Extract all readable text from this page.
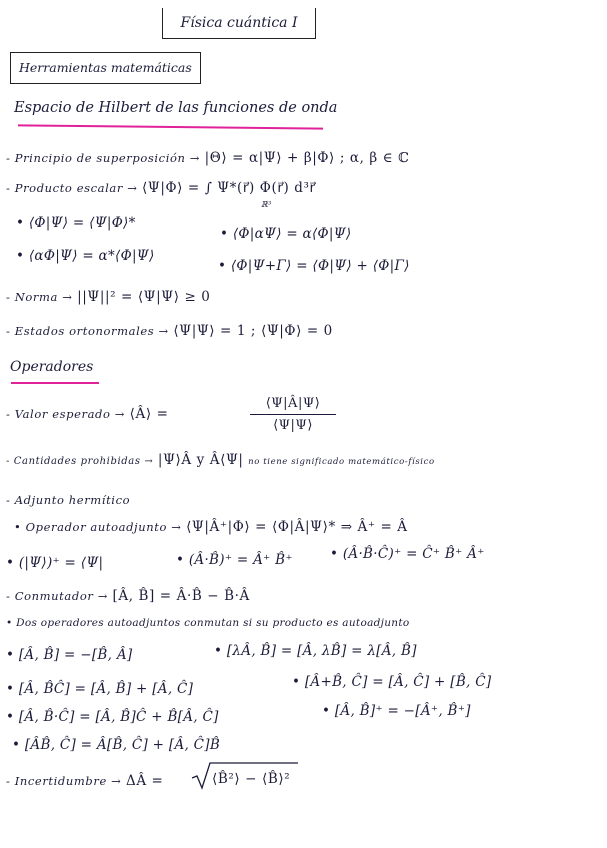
Física cuántica I
Herramientas matemáticas
Espacio de Hilbert de las funciones de onda
- Principio de superposición → |Θ⟩ = α|Ψ⟩ + β|Φ⟩ ; α, β ∈ ℂ
- Producto escalar → ⟨Ψ|Φ⟩ = ∫ Ψ*(r⃗) Φ(r⃗) d³r⃗
ℝ³
• ⟨Φ|Ψ⟩ = ⟨Ψ|Φ⟩*
• ⟨Φ|αΨ⟩ = α⟨Φ|Ψ⟩
• ⟨αΦ|Ψ⟩ = α*⟨Φ|Ψ⟩
• ⟨Φ|Ψ+Γ⟩ = ⟨Φ|Ψ⟩ + ⟨Φ|Γ⟩
- Norma → ||Ψ||² = ⟨Ψ|Ψ⟩ ≥ 0
- Estados ortonormales → ⟨Ψ|Ψ⟩ = 1 ; ⟨Ψ|Φ⟩ = 0
Operadores
- Valor esperado → ⟨Â⟩ =
⟨Ψ|Â|Ψ⟩
⟨Ψ|Ψ⟩
- Cantidades prohibidas → |Ψ⟩Â y Â⟨Ψ| no tiene significado matemático-físico
- Adjunto hermítico
• Operador autoadjunto → ⟨Ψ|Â⁺|Φ⟩ = ⟨Φ|Â|Ψ⟩* ⇒ Â⁺ = Â
• (|Ψ⟩)⁺ = ⟨Ψ|	• (Â·B̂)⁺ = Â⁺ B̂⁺	• (Â·B̂·Ĉ)⁺ = Ĉ⁺ B̂⁺ Â⁺
- Conmutador → [Â, B̂] = Â·B̂ − B̂·Â
• Dos operadores autoadjuntos conmutan si su producto es autoadjunto
• [Â, B̂] = −[B̂, Â]	• [λÂ, B̂] = [Â, λB̂] = λ[Â, B̂]
• [Â, B̂Ĉ] = [Â, B̂] + [Â, Ĉ]	• [Â+B̂, Ĉ] = [Â, Ĉ] + [B̂, Ĉ]
• [Â, B̂·Ĉ] = [Â, B̂]Ĉ + B̂[Â, Ĉ]	• [Â, B̂]⁺ = −[Â⁺, B̂⁺]
• [ÂB̂, Ĉ] = Â[B̂, Ĉ] + [Â, Ĉ]B̂
- Incertidumbre → ΔÂ =	⟨B̂²⟩ − ⟨B̂⟩²
